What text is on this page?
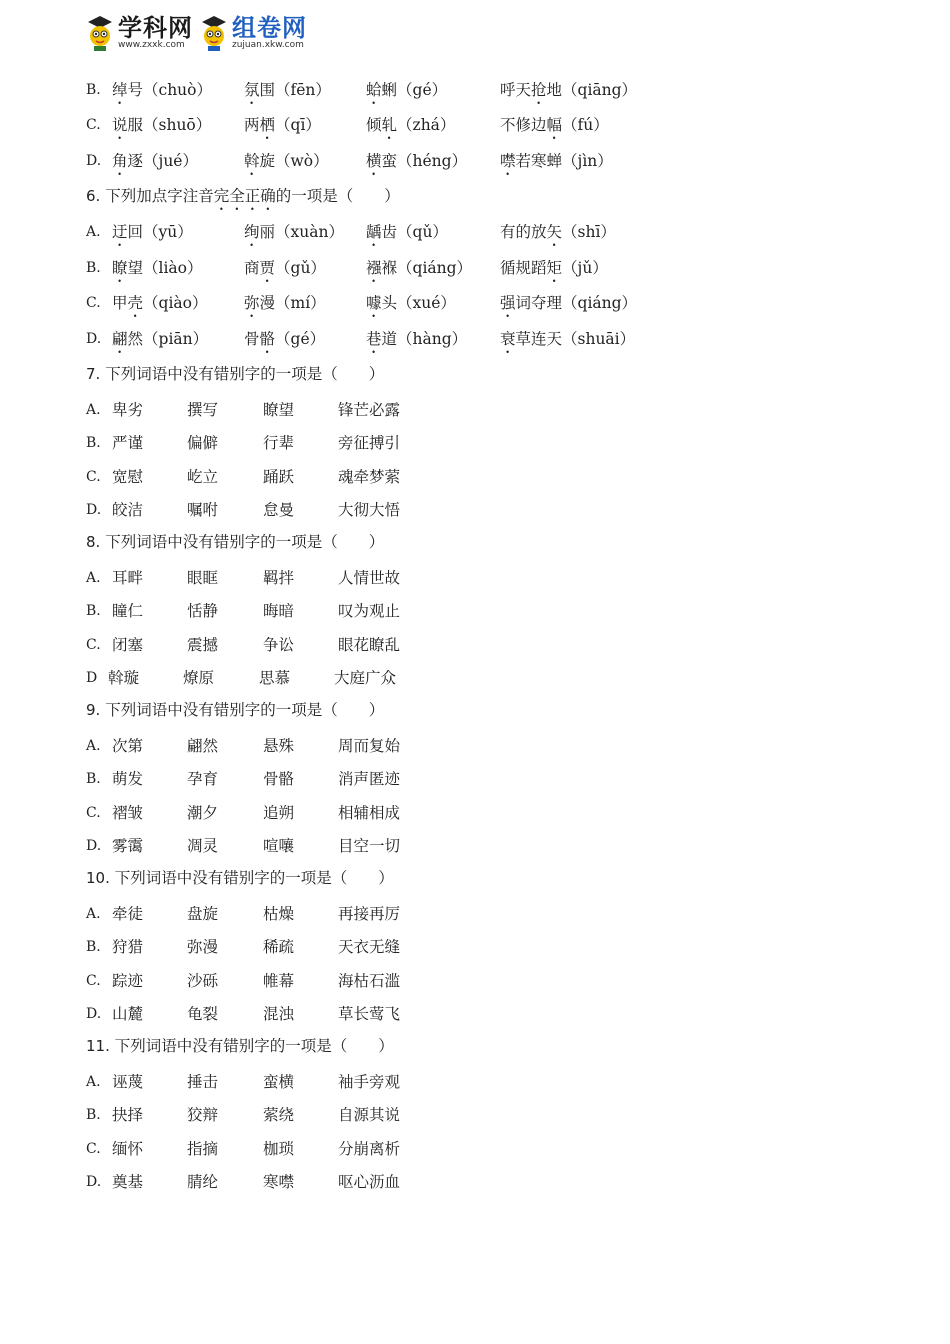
学科网
www.zxxk.com
组卷网
zujuan.xkw.com
B. 绰号（chuò） 氛围（fēn） 蛤蜊（gé）	呼天抢地（qiāng）
C. 说服（shuō） 两栖（qī）	倾轧（zhá）	不修边幅（fú）
D. 角逐（jué）	斡旋（wò） 横蛮（héng） 噤若寒蝉（jìn）
6. 下列加点字注音完全正确的一项是（　　）
A. 迂回（yū）	绚丽（xuàn） 龋齿（qǔ）	有的放矢（shī）
B. 瞭望（liào）	商贾（gǔ）	襁褓（qiáng） 循规蹈矩（jǔ）
C. 甲壳（qiào） 弥漫（mí）	噱头（xué）	强词夺理（qiáng）
D. 翩然（piān） 骨骼（gé）	巷道（hàng） 衰草连天（shuāi）
7. 下列词语中没有错别字的一项是（　　）
A. 卑劣	撰写	瞭望	锋芒必露
B. 严谨	偏僻	行辈	旁征搏引
C. 宽慰	屹立	踊跃	魂牵梦萦
D. 皎洁	嘱咐	怠曼	大彻大悟
8. 下列词语中没有错别字的一项是（　　）
A. 耳畔	眼眶	羁拌	人情世故
B. 瞳仁	恬静	晦暗	叹为观止
C. 闭塞	震撼	争讼	眼花瞭乱
D 斡璇	燎原	思慕	大庭广众
9. 下列词语中没有错别字的一项是（　　）
A. 次第	翩然	悬殊	周而复始
B. 萌发	孕育	骨骼	消声匿迹
C. 褶皱	潮夕	追朔	相辅相成
D. 雾霭	凋灵	喧嚷	目空一切
10. 下列词语中没有错别字的一项是（　　）
A. 牵徒	盘旋	枯燥	再接再厉
B. 狩猎	弥漫	稀疏	天衣无缝
C. 踪迹	沙砾	帷幕	海枯石滥
D. 山麓	龟裂	混浊	草长莺飞
11. 下列词语中没有错别字的一项是（　　）
A. 诬蔑	捶击	蛮横	袖手旁观
B. 抉择	狡辩	萦绕	自源其说
C. 缅怀	指摘	枷琐	分崩离析
D. 奠基	腈纶	寒噤	呕心沥血
